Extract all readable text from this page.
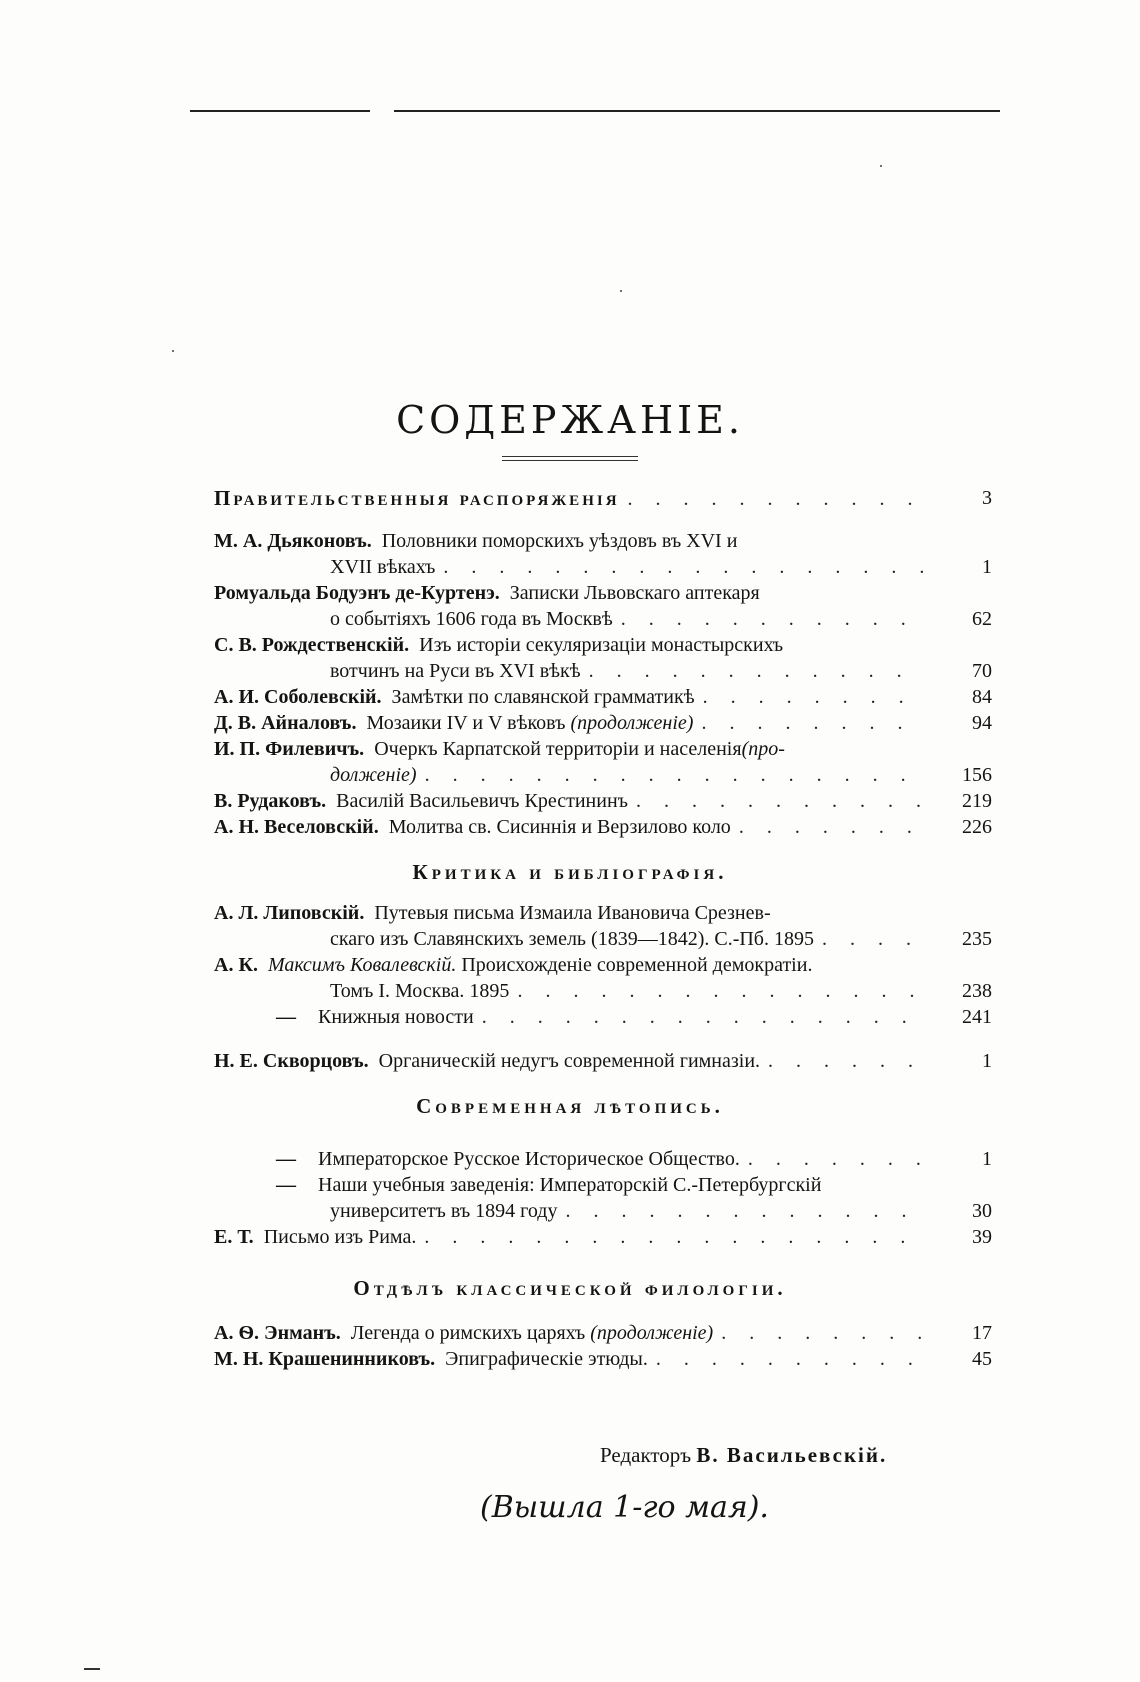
СОДЕРЖАНІЕ.
Правительственныя распоряженія . . .	3
М. А. Дьяконовъ. Половники поморскихъ уѣздовъ въ XVI и
XVII вѣкахъ . . .	1
Ромуальда Бодуэнъ де-Куртенэ. Записки Львовскаго аптекаря
о событіяхъ 1606 года въ Москвѣ . . .	62
С. В. Рождественскій. Изъ исторіи секуляризаціи монастырскихъ
вотчинъ на Руси въ XVI вѣкѣ . . .	70
А. И. Соболевскій. Замѣтки по славянской грамматикѣ . . .	84
Д. В. Айналовъ. Мозаики IV и V вѣковъ
(продолженіе) . . .	94
И. П. Филевичъ. Очеркъ Карпатской территоріи и населенія (про-
долженіе) . . .	156
В. Рудаковъ. Василій Васильевичъ Крестининъ . . .	219
А. Н. Веселовскій. Молитва св. Сисиннія и Верзилово коло . . .	226
Критика и библіографія.
А. Л. Липовскій. Путевыя письма Измаила Ивановича Срезнев-
скаго изъ Славянскихъ земель (1839—1842). С.-Пб. 1895 . . .	235
А. К. Максимъ Ковалевскій.
Происхожденіе современной демократіи.
Томъ I. Москва. 1895 . . .	238
— Книжныя новости . . .	241
Н. Е. Скворцовъ. Органическій недугъ современной гимназіи. . . .	1
Современная лѣтопись.
— Императорское Русское Историческое Общество. . . .	1
— Наши учебныя заведенія: Императорскій С.-Петербургскій
университетъ въ 1894 году . . .	30
Е. Т. Письмо изъ Рима. . . .	39
Отдѣлъ классической филологіи.
А. Ѳ. Энманъ. Легенда о римскихъ царяхъ
(продолженіе) . . .	17
М. Н. Крашенинниковъ. Эпиграфическіе этюды. . . .	45
Редакторъ В. Васильевскій.
(Вышла 1-го мая).
